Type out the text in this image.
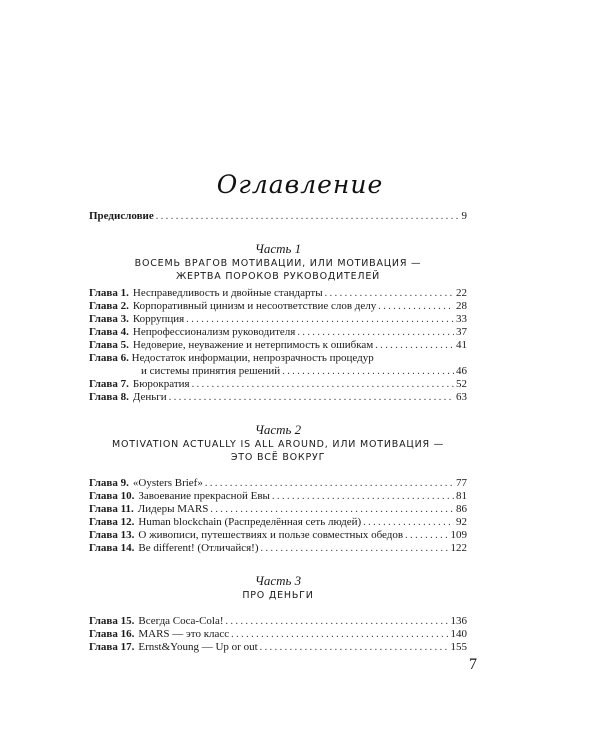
Оглавление
Предисловие . . .	9
Часть 1
ВОСЕМЬ ВРАГОВ МОТИВАЦИИ, ИЛИ МОТИВАЦИЯ —
ЖЕРТВА ПОРОКОВ РУКОВОДИТЕЛЕЙ
Глава 1. Несправедливость и двойные стандарты . . .	22
Глава 2. Корпоративный цинизм и несоответствие слов делу . . .	28
Глава 3. Коррупция . . .	33
Глава 4. Непрофессионализм руководителя . . .	37
Глава 5. Недоверие, неуважение и нетерпимость к ошибкам . . .	41
Глава 6. Недостаток информации, непрозрачность процедур
и системы принятия решений . . .	46
Глава 7. Бюрократия . . .	52
Глава 8. Деньги . . .	63
Часть 2
MOTIVATION ACTUALLY IS ALL AROUND, ИЛИ МОТИВАЦИЯ —
ЭТО ВСЁ ВОКРУГ
Глава 9. «Oysters Brief» . . .	77
Глава 10. Завоевание прекрасной Евы . . .	81
Глава 11. Лидеры MARS . . .	86
Глава 12. Human blockchain (Распределённая сеть людей) . . .	92
Глава 13. О живописи, путешествиях и пользе совместных обедов . . .	109
Глава 14. Be different! (Отличайся!) . . .	122
Часть 3
ПРО ДЕНЬГИ
Глава 15. Всегда Coca-Cola! . . .	136
Глава 16. MARS — это класс . . .	140
Глава 17. Ernst&Young — Up or out . . .	155
7
